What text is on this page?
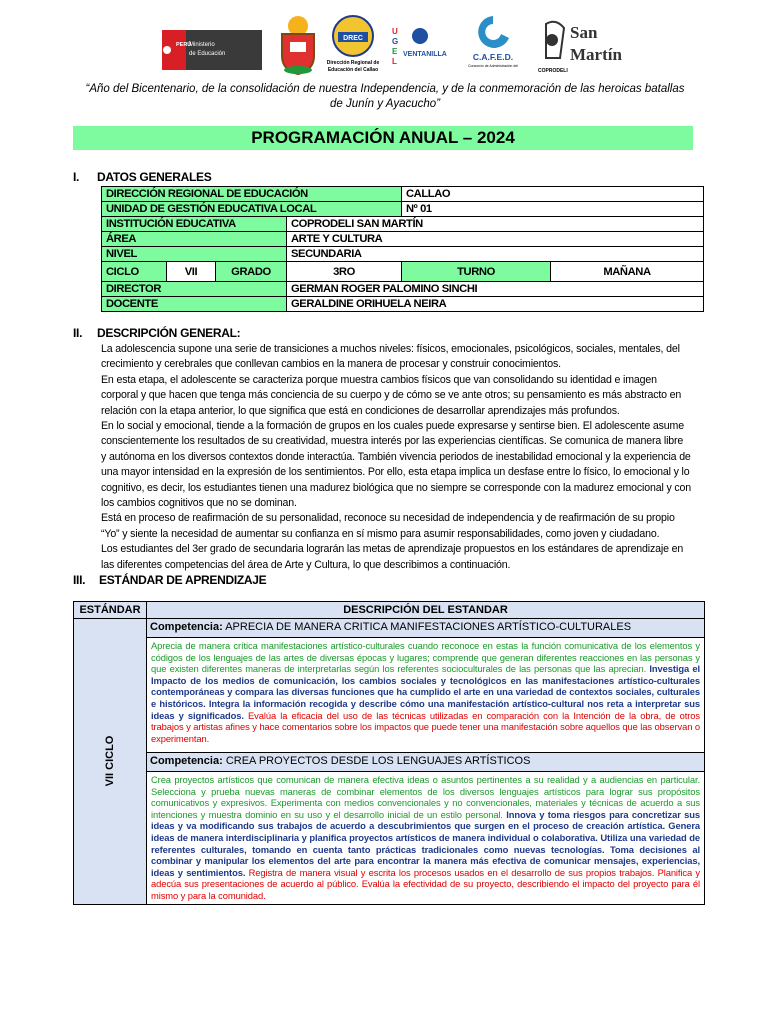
PERÚ
Ministerio
de Educación
DREC
Dirección Regional de
Educación del Callao
U
G
E
L
VENTANILLA	C.A.F.E.D.
Consorcio de Administración del
COPRODELI
San
Martín
“Año del Bicentenario, de la consolidación de nuestra Independencia, y de la conmemoración de las heroicas batallas
de Junín y Ayacucho”
PROGRAMACIÓN ANUAL – 2024
I. DATOS GENERALES
DIRECCIÓN REGIONAL DE EDUCACIÓN				CALLAO	
UNIDAD DE GESTIÓN EDUCATIVA LOCAL				Nº 01	
INSTITUCIÓN EDUCATIVA			COPRODELI SAN MARTÍN		
ÁREA			ARTE Y CULTURA		
NIVEL			SECUNDARIA		
CICLO	VII	GRADO	3RO	TURNO	MAÑANA
DIRECTOR			GERMAN ROGER PALOMINO SINCHI		
DOCENTE			GERALDINE ORIHUELA NEIRA		
II. DESCRIPCIÓN GENERAL:

La adolescencia supone una serie de transiciones a muchos niveles: físicos, emocionales, psicológicos, sociales, mentales, del crecimiento y cerebrales que conllevan cambios en la manera de procesar y construir conocimientos.

En esta etapa, el adolescente se caracteriza porque muestra cambios físicos que van consolidando su identidad e imagen corporal y que hacen que tenga más conciencia de su cuerpo y de cómo se ve ante otros; su pensamiento es más abstracto en relación con la etapa anterior, lo que significa que está en condiciones de desarrollar aprendizajes más profundos.

En lo social y emocional, tiende a la formación de grupos en los cuales puede expresarse y sentirse bien. El adolescente asume conscientemente los resultados de su creatividad, muestra interés por las experiencias científicas. Se comunica de manera libre y autónoma en los diversos contextos donde interactúa. También vivencia periodos de inestabilidad emocional y la experiencia de una mayor intensidad en la expresión de los sentimientos. Por ello, esta etapa implica un desfase entre lo físico, lo emocional y lo cognitivo, es decir, los estudiantes tienen una madurez biológica que no siempre se corresponde con la madurez emocional y con los cambios cognitivos que no se dominan.

Está en proceso de reafirmación de su personalidad, reconoce su necesidad de independencia y de reafirmación de su propio “Yo” y siente la necesidad de aumentar su confianza en sí mismo para asumir responsabilidades, como joven y ciudadano.

Los estudiantes del 3er grado de secundaria lograrán las metas de aprendizaje propuestos en los estándares de aprendizaje en las diferentes competencias del área de Arte y Cultura, lo que describimos a continuación.

III. ESTÁNDAR DE APRENDIZAJE
ESTÁNDAR	DESCRIPCIÓN DEL ESTANDAR

VII CICLO	Competencia: APRECIA DE MANERA CRITICA MANIFESTACIONES ARTÍSTICO-CULTURALES
	Aprecia de manera crítica manifestaciones artístico-culturales cuando reconoce en estas la función comunicativa de los elementos y códigos de los lenguajes de las artes de diversas épocas y lugares; comprende que generan diferentes reacciones en las personas y que existen diferentes maneras de interpretarlas según los referentes socioculturales de las personas que las aprecian. Investiga el Impacto de los medios de comunicación, los cambios sociales y tecnológicos en las manifestaciones artístico-culturales contemporáneas y compara las diversas funciones que ha cumplido el arte en una variedad de contextos sociales, culturales e históricos. Integra la información recogida y describe cómo una manifestación artístico-cultural nos reta a interpretar sus ideas y significados. Evalúa la eficacia del uso de las técnicas utilizadas en comparación con la Intención de la obra, de otros trabajos y artistas afines y hace comentarios sobre los impactos que puede tener una manifestación sobre aquellos que las observan o experimentan.
	Competencia: CREA PROYECTOS DESDE LOS LENGUAJES ARTÍSTICOS
	Crea proyectos artísticos que comunican de manera efectiva ideas o asuntos pertinentes a su realidad y a audiencias en particular. Selecciona y prueba nuevas maneras de combinar elementos de los diversos lenguajes artísticos para lograr sus propósitos comunicativos y expresivos. Experimenta con medios convencionales y no convencionales, materiales y técnicas de acuerdo a sus intenciones y muestra dominio en su uso y el desarrollo inicial de un estilo personal. Innova y toma riesgos para concretizar sus ideas y va modificando sus trabajos de acuerdo a descubrimientos que surgen en el proceso de creación artística. Genera ideas de manera interdisciplinaria y planifica proyectos artísticos de manera individual o colaborativa. Utiliza una variedad de referentes culturales, tomando en cuenta tanto prácticas tradicionales como nuevas tecnologías. Toma decisiones al combinar y manipular los elementos del arte para encontrar la manera más efectiva de comunicar mensajes, experiencias, ideas y sentimientos. Registra de manera visual y escrita los procesos usados en el desarrollo de sus propios trabajos. Planifica y adecúa sus presentaciones de acuerdo al público. Evalúa la efectividad de su proyecto, describiendo el impacto del proyecto para él mismo y para la comunidad.
